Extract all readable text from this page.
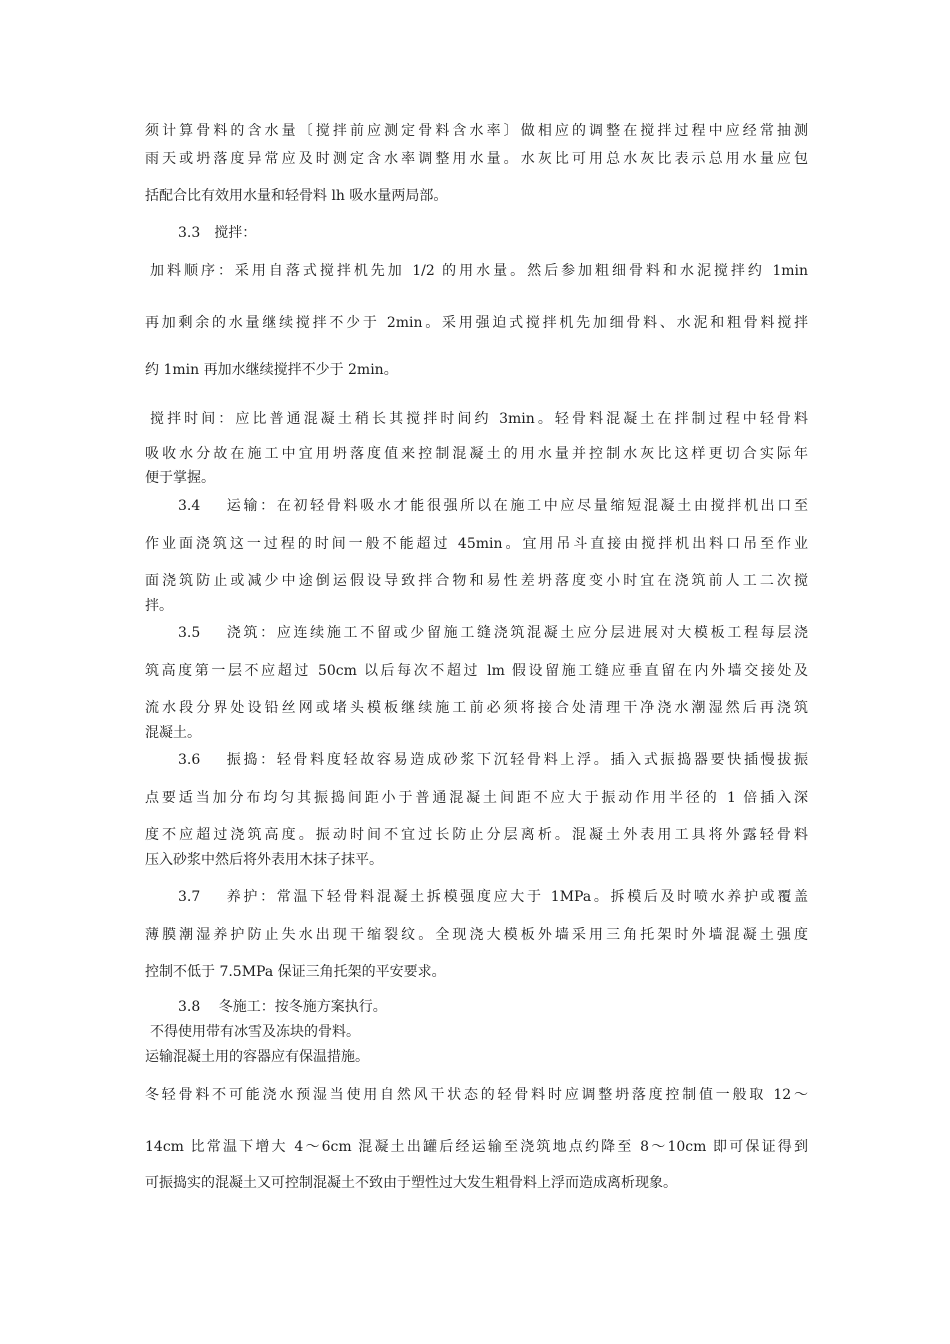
须计算骨料的含水量〔搅拌前应测定骨料含水率〕做相应的调整在搅拌过程中应经常抽测
雨天或坍落度异常应及时测定含水率调整用水量。水灰比可用总水灰比表示总用水量应包
括配合比有效用水量和轻骨料 lh 吸水量两局部。
3.3　搅拌：
加料顺序：采用自落式搅拌机先加 1/2 的用水量。然后参加粗细骨料和水泥搅拌约 1min
再加剩余的水量继续搅拌不少于 2min。采用强迫式搅拌机先加细骨料、水泥和粗骨料搅拌
约 1min 再加水继续搅拌不少于 2min。
搅拌时间：应比普通混凝土稍长其搅拌时间约 3min。轻骨料混凝土在拌制过程中轻骨料
吸收水分故在施工中宜用坍落度值来控制混凝土的用水量并控制水灰比这样更切合实际年
便于掌握。
3.4　 运输：在初轻骨料吸水才能很强所以在施工中应尽量缩短混凝土由搅拌机出口至
作业面浇筑这一过程的时间一般不能超过 45min。宜用吊斗直接由搅拌机出料口吊至作业
面浇筑防止或减少中途倒运假设导致拌合物和易性差坍落度变小时宜在浇筑前人工二次搅
拌。
3.5　 浇筑：应连续施工不留或少留施工缝浇筑混凝土应分层进展对大模板工程每层浇
筑高度第一层不应超过 50cm 以后每次不超过 lm 假设留施工缝应垂直留在内外墙交接处及
流水段分界处设铅丝网或堵头模板继续施工前必须将接合处清理干净浇水潮湿然后再浇筑
混凝土。
3.6　 振捣：轻骨料度轻故容易造成砂浆下沉轻骨料上浮。插入式振捣器要快插慢拔振
点要适当加分布均匀其振捣间距小于普通混凝土间距不应大于振动作用半径的 1 倍插入深
度不应超过浇筑高度。振动时间不宜过长防止分层离析。混凝土外表用工具将外露轻骨料
压入砂浆中然后将外表用木抹子抹平。
3.7　 养护：常温下轻骨料混凝土拆模强度应大于 1MPa。拆模后及时喷水养护或覆盖
薄膜潮湿养护防止失水出现干缩裂纹。全现浇大模板外墙采用三角托架时外墙混凝土强度
控制不低于 7.5MPa 保证三角托架的平安要求。
3.8　 冬施工：按冬施方案执行。
不得使用带有冰雪及冻块的骨料。
运输混凝土用的容器应有保温措施。
冬轻骨料不可能浇水预湿当使用自然风干状态的轻骨料时应调整坍落度控制值一般取 12～
14cm 比常温下增大 4～6cm 混凝土出罐后经运输至浇筑地点约降至 8～10cm 即可保证得到
可振捣实的混凝土又可控制混凝土不致由于塑性过大发生粗骨料上浮而造成离析现象。
